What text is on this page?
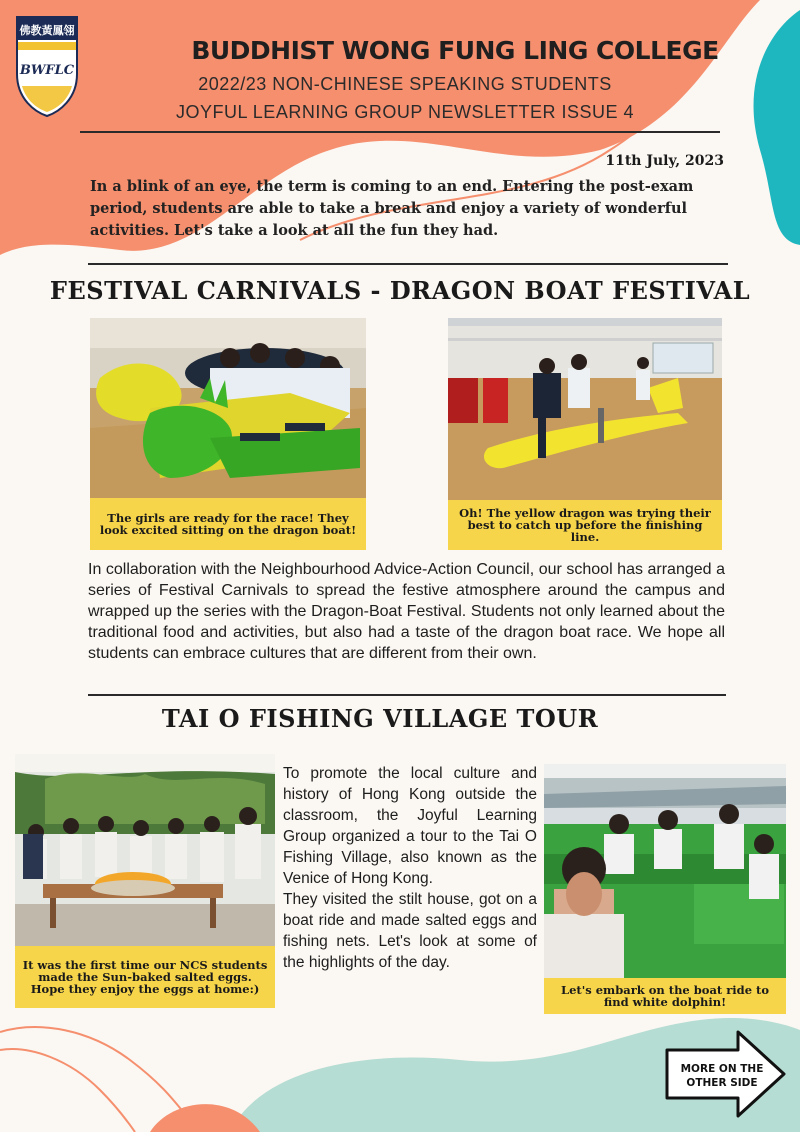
佛教黃鳳翎
BWFLC
BUDDHIST WONG FUNG LING COLLEGE
2022/23 NON-CHINESE SPEAKING STUDENTS
JOYFUL LEARNING GROUP NEWSLETTER ISSUE 4
11th July, 2023
In a blink of an eye, the term is coming to an end. Entering the post-exam period, students are able to take a break and enjoy a variety of wonderful activities. Let's take a look at all the fun they had.
FESTIVAL CARNIVALS - DRAGON BOAT FESTIVAL
The girls are ready for the race! They look excited sitting on the dragon boat!
Oh! The yellow dragon was trying their best to catch up before the finishing line.
In collaboration with the Neighbourhood Advice-Action Council, our school has arranged a series of Festival Carnivals to spread the festive atmosphere around the campus and wrapped up the series with the Dragon-Boat Festival. Students not only learned about the traditional food and activities, but also had a taste of the dragon boat race. We hope all students can embrace cultures that are different from their own.
TAI O FISHING VILLAGE TOUR
It was the first time our NCS students made the Sun-baked salted eggs. Hope they enjoy the eggs at home:)

To promote the local culture and history of Hong Kong outside the classroom, the Joyful Learning Group organized a tour to the Tai O Fishing Village, also known as the Venice of Hong Kong.

They visited the stilt house, got on a boat ride and made salted eggs and fishing nets. Let's look at some of the highlights of the day.

Let's embark on the boat ride to find white dolphin!
MORE ON THE
OTHER SIDE
